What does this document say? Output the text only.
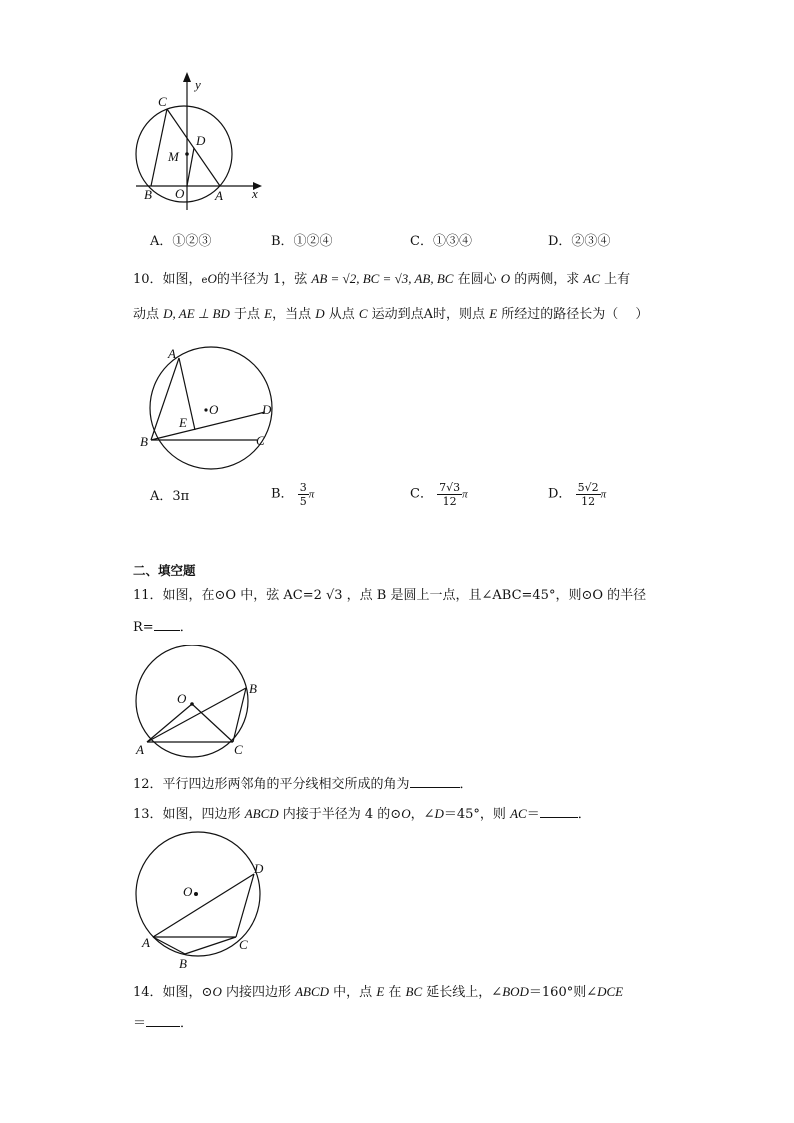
y
x
C
D
M
B O A
A．①②③	B．①②④	C．①③④	D．②③④
10．如图，eO的半径为 1，弦 AB = √2, BC = √3, AB, BC 在圆心 O 的两侧，求 AC 上有
动点 D, AE ⊥ BD 于点 E，当点 D 从点 C 运动到点A时，则点 E 所经过的路径长为（　 ）
A
O	D
E
B	C
A．3π	B． $\frac{3}{5}$ π	C． $\frac{7√3}{12}$ π	D． $\frac{5√2}{12}$ π
二、填空题
11．如图，在⊙O 中，弦 AC=2 √3 ，点 B 是圆上一点，且∠ABC=45°，则⊙O 的半径
R= ．
O
B
A	C
12．平行四边形两邻角的平分线相交所成的角为	．
13．如图，四边形 ABCD 内接于半径为 4 的⊙O，∠D＝45°，则 AC＝	．
D
O
A	C
B
14．如图，⊙O 内接四边形 ABCD 中，点 E 在 BC 延长线上，∠BOD＝160°则∠DCE
＝	．
